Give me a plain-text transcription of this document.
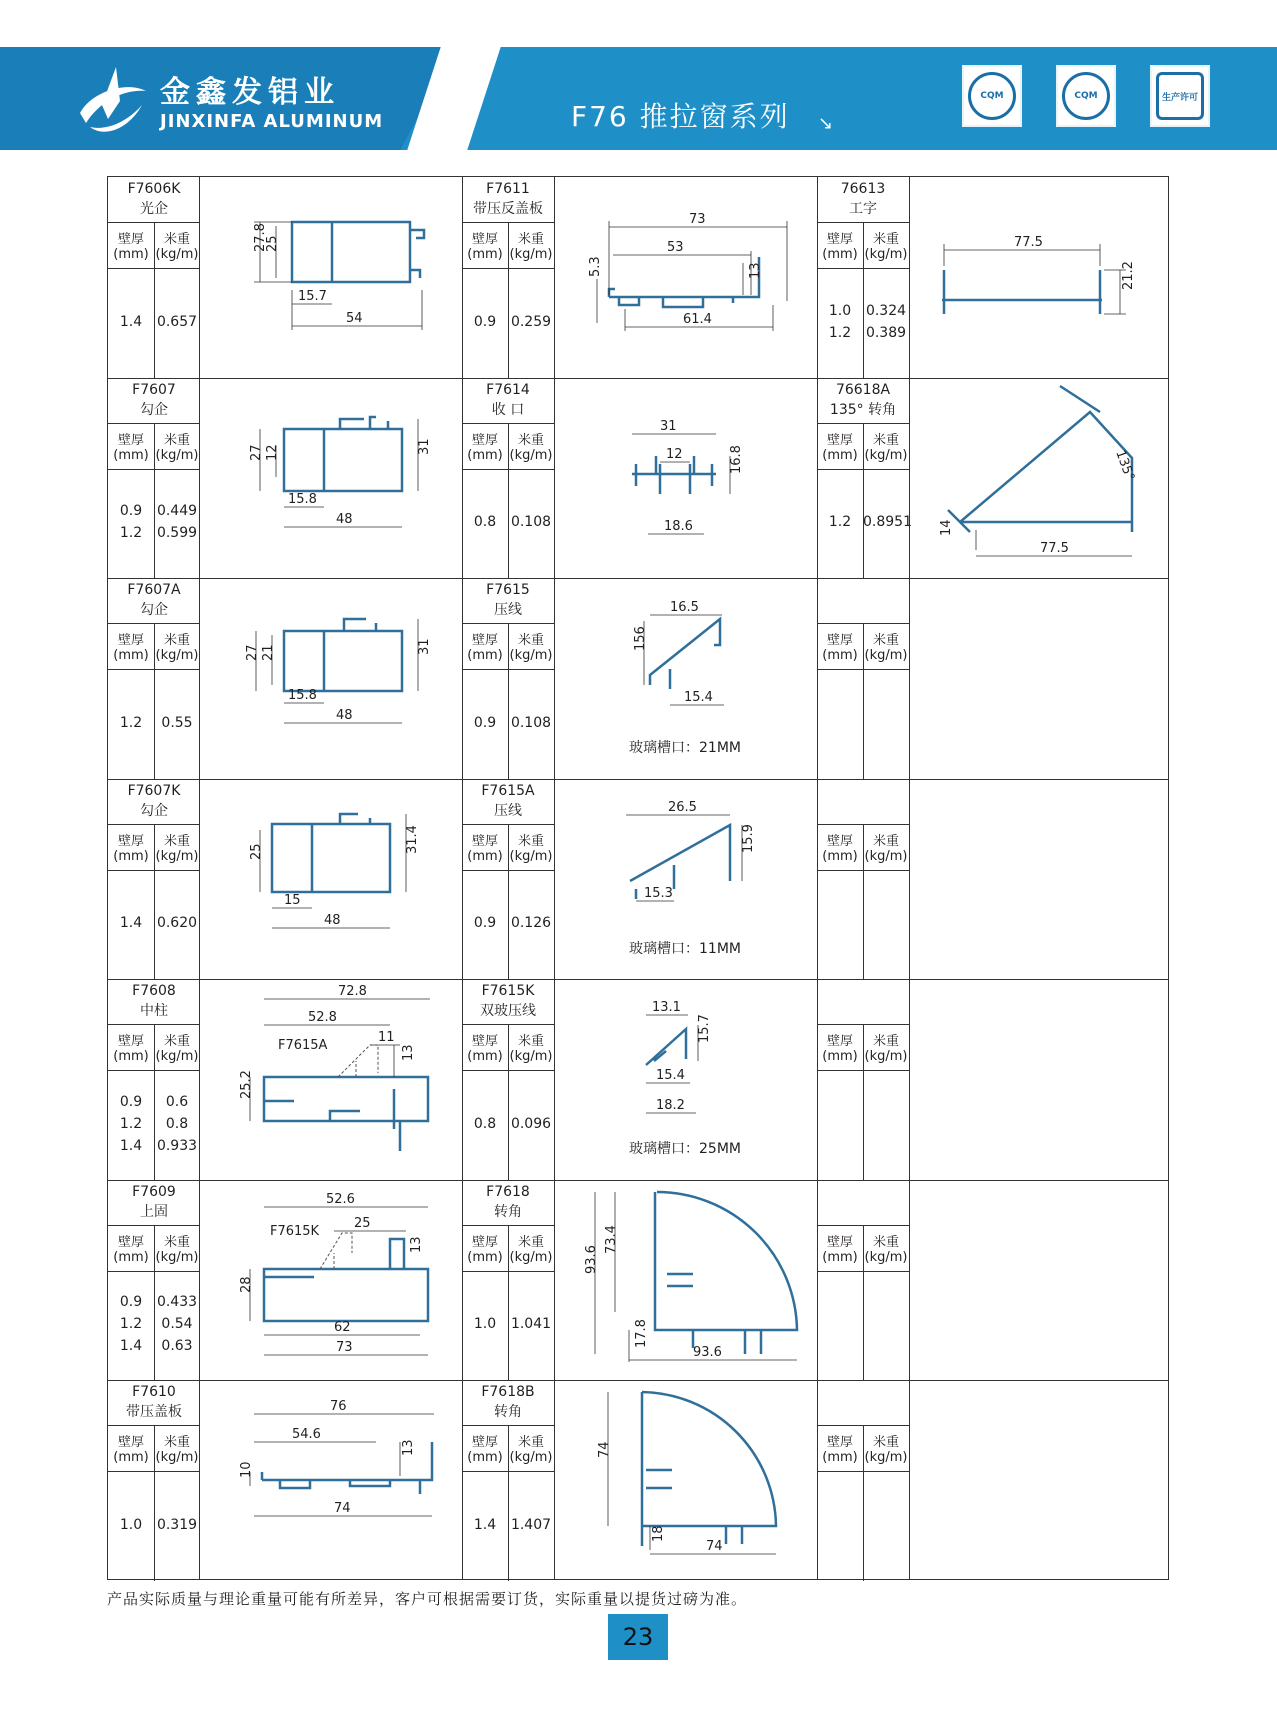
金鑫发铝业
JINXINFA ALUMINUM	F76 推拉窗系列 ↘
CQM	CQM	生产许可
F7606K
光企
壁厚
(mm)
米重
(kg/m)
1.4	0.657
F7611
带压反盖板
壁厚
(mm)
米重
(kg/m)
0.9	0.259
76613
工字
壁厚
(mm)
米重
(kg/m)
1.0	0.324
1.2	0.389
F7607
勾企
壁厚
(mm)
米重
(kg/m)
0.9	0.449
1.2	0.599
F7614
收 口
壁厚
(mm)
米重
(kg/m)
0.8	0.108
76618A
135° 转角
壁厚
(mm)
米重
(kg/m)
1.2 0.8951
F7607A
勾企
壁厚
(mm)
米重
(kg/m)
1.2	0.55
F7615
压线
壁厚
(mm)
米重
(kg/m)
0.9	0.108
玻璃槽口：21MM
壁厚
(mm)
米重
(kg/m)
F7607K
勾企
壁厚
(mm)
米重
(kg/m)
1.4	0.620
F7615A
压线
壁厚
(mm)
米重
(kg/m)
0.9	0.126
玻璃槽口：11MM
壁厚
(mm)
米重
(kg/m)
F7608
中柱
壁厚
(mm)
米重
(kg/m)
0.9	0.6
1.2	0.8
1.4	0.933
F7615K
双玻压线
壁厚
(mm)
米重
(kg/m)
0.8	0.096
玻璃槽口：25MM
壁厚
(mm)
米重
(kg/m)
F7609
上固
壁厚
(mm)
米重
(kg/m)
0.9	0.433
1.2	0.54
1.4	0.63
F7618
转角
壁厚
(mm)
米重
(kg/m)
1.0	1.041
壁厚
(mm)
米重
(kg/m)
F7610
带压盖板
壁厚
(mm)
米重
(kg/m)
1.0	0.319
F7618B
转角
壁厚
(mm)
米重
(kg/m)
1.4	1.407
壁厚
(mm)
米重
(kg/m)
27.8
25
15.7
54
73
53
5.3	13
61.4
77.5
21.2
27 12	31
15.8
48
31
12	16.8
18.6	14
77.5
135°
27 21	31
15.8
48
16.5
156
15.4
25	31.4
15
48
26.5
15.9
15.3
72.8
52.8
11
F7615A	13
25.2
13.1
15.7
15.4
18.2
52.6
F7615K
25
13
28
62
73
93.6
73.4
17.8
93.6
76
54.6
13
10
74
74
18
74
产品实际质量与理论重量可能有所差异，客户可根据需要订货，实际重量以提货过磅为准。
23
